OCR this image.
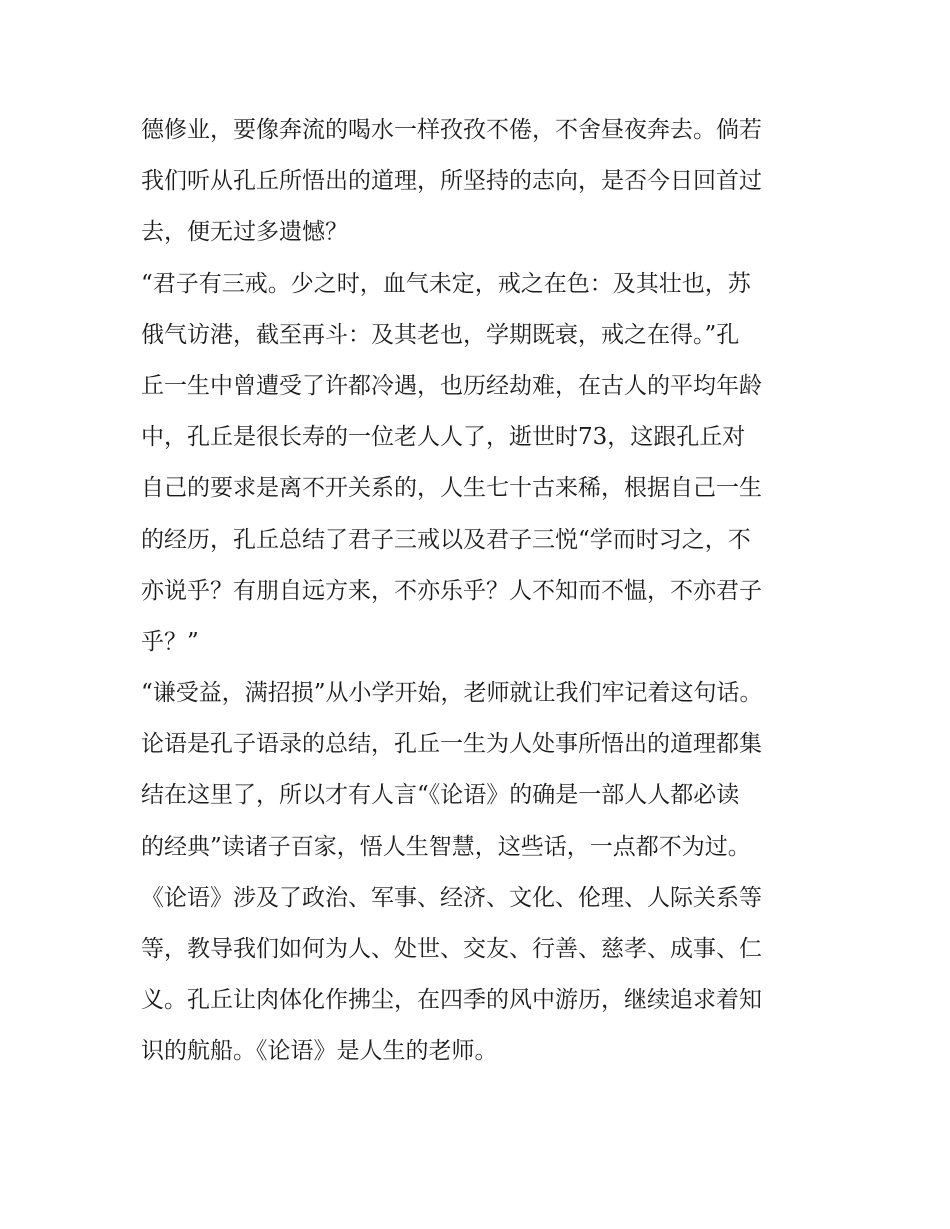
德修业，要像奔流的喝水一样孜孜不倦，不舍昼夜奔去。倘若
我们听从孔丘所悟出的道理，所坚持的志向，是否今日回首过
去，便无过多遗憾？
“君子有三戒。少之时，血气未定，戒之在色：及其壮也，苏
俄气访港，截至再斗：及其老也，学期既衰，戒之在得。”孔
丘一生中曾遭受了许都冷遇，也历经劫难，在古人的平均年龄
中，孔丘是很长寿的一位老人人了，逝世时73，这跟孔丘对
自己的要求是离不开关系的，人生七十古来稀，根据自己一生
的经历，孔丘总结了君子三戒以及君子三悦“学而时习之，不
亦说乎？有朋自远方来，不亦乐乎？人不知而不愠，不亦君子
乎？”
“谦受益，满招损”从小学开始，老师就让我们牢记着这句话。
论语是孔子语录的总结，孔丘一生为人处事所悟出的道理都集
结在这里了，所以才有人言“《论语》的确是一部人人都必读
的经典”读诸子百家，悟人生智慧，这些话，一点都不为过。
《论语》涉及了政治、军事、经济、文化、伦理、人际关系等
等，教导我们如何为人、处世、交友、行善、慈孝、成事、仁
义。孔丘让肉体化作拂尘，在四季的风中游历，继续追求着知
识的航船。《论语》是人生的老师。
